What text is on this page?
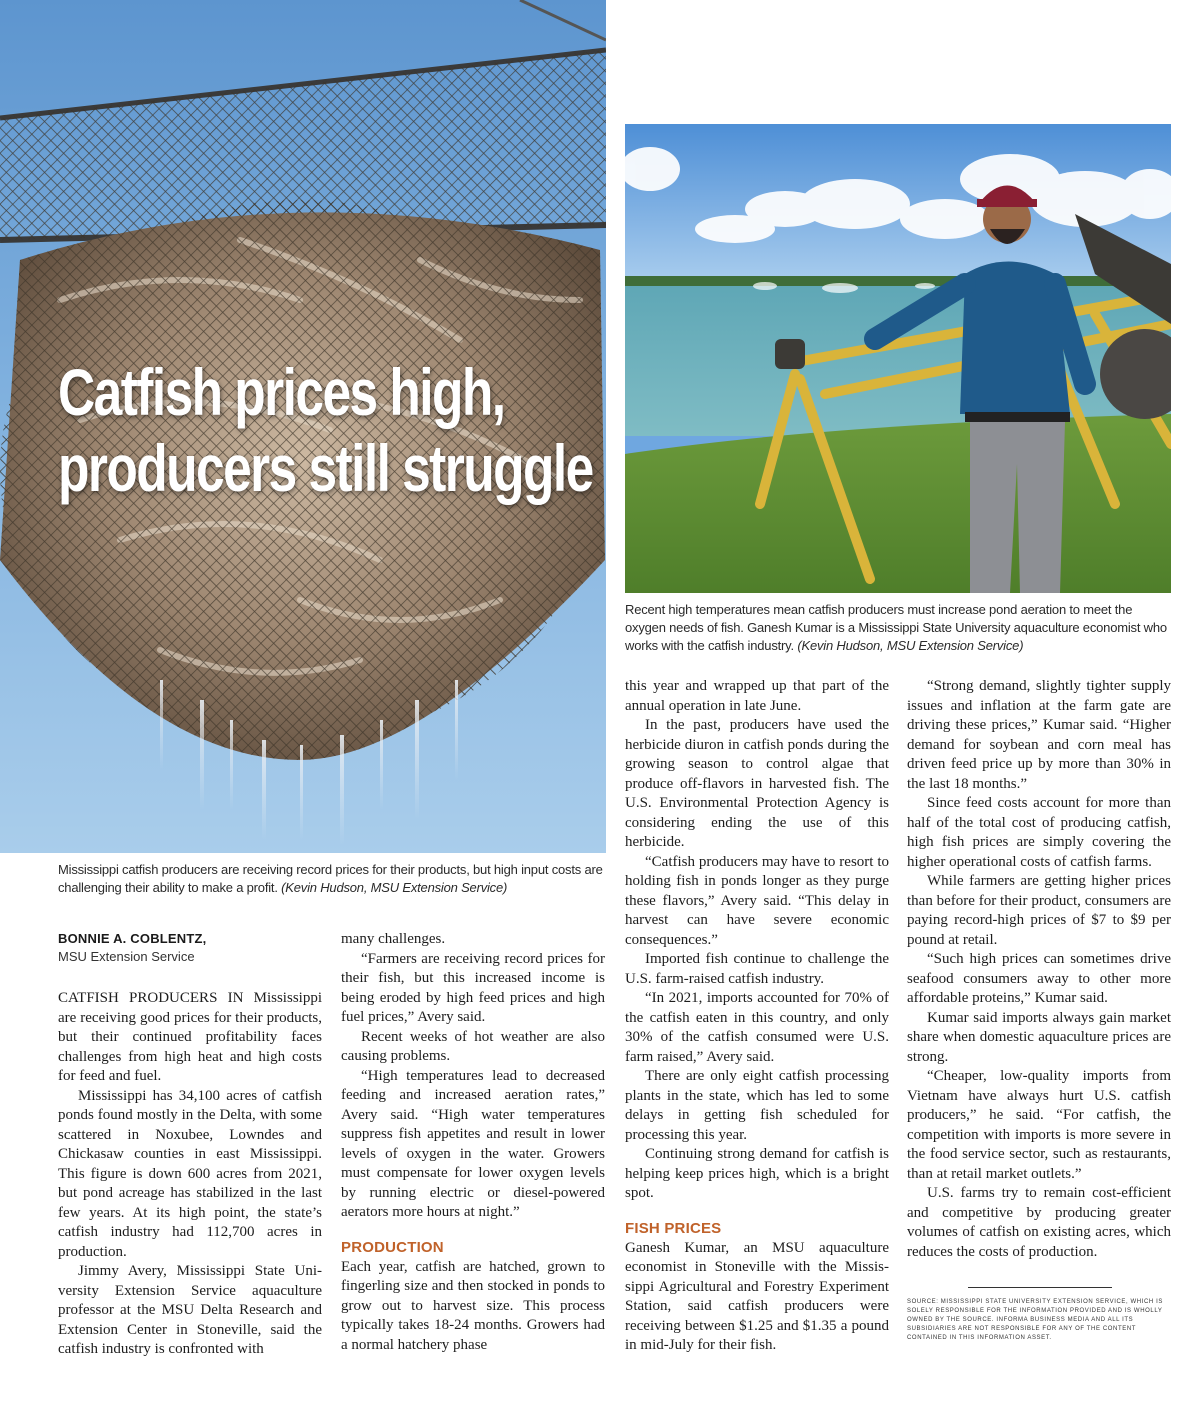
Catfish prices high,
producers still struggle
Mississippi catfish producers are receiving record prices for their products, but high input costs are challenging their ability to make a profit. (Kevin Hudson, MSU Extension Service)
Recent high temperatures mean catfish producers must increase pond aeration to meet the oxygen needs of fish. Ganesh Kumar is a Mississippi State University aquaculture economist who works with the catfish industry. (Kevin Hudson, MSU Extension Service)
BONNIE A. COBLENTZ,
MSU Extension Service

CATFISH PRODUCERS IN Mississippi are receiving good prices for their products, but their continued profitability faces challenges from high heat and high costs for feed and fuel.

Mississippi has 34,100 acres of catfish ponds found mostly in the Delta, with some scattered in Noxubee, Lowndes and Chickasaw counties in east Mississippi. This figure is down 600 acres from 2021, but pond acreage has stabilized in the last few years. At its high point, the state’s catfish industry had 112,700 acres in production.

Jimmy Avery, Mississippi State University Extension Service aquaculture professor at the MSU Delta Research and Extension Center in Stoneville, said the catfish industry is confronted with

many challenges.

“Farmers are receiving record prices for their fish, but this increased income is being eroded by high feed prices and high fuel prices,” Avery said.

Recent weeks of hot weather are also causing problems.

“High temperatures lead to decreased feeding and increased aeration rates,” Avery said. “High water temperatures suppress fish appetites and result in lower levels of oxygen in the water. Growers must compensate for lower oxygen levels by running electric or diesel-powered aerators more hours at night.”

PRODUCTION

Each year, catfish are hatched, grown to fingerling size and then stocked in ponds to grow out to harvest size. This process typically takes 18-24 months. Growers had a normal hatchery phase

this year and wrapped up that part of the annual operation in late June.

In the past, producers have used the herbicide diuron in catfish ponds during the growing season to control algae that produce off-flavors in harvested fish. The U.S. Environmental Protection Agency is considering ending the use of this herbicide.

“Catfish producers may have to resort to holding fish in ponds longer as they purge these flavors,” Avery said. “This delay in harvest can have severe economic consequences.”

Imported fish continue to challenge the U.S. farm-raised catfish industry.

“In 2021, imports accounted for 70% of the catfish eaten in this country, and only 30% of the catfish consumed were U.S. farm raised,” Avery said.

There are only eight catfish processing plants in the state, which has led to some delays in getting fish scheduled for processing this year.

Continuing strong demand for catfish is helping keep prices high, which is a bright spot.

FISH PRICES

Ganesh Kumar, an MSU aquaculture economist in Stoneville with the Mississippi Agricultural and Forestry Experiment Station, said catfish producers were receiving between $1.25 and $1.35 a pound in mid-July for their fish.

“Strong demand, slightly tighter supply issues and inflation at the farm gate are driving these prices,” Kumar said. “Higher demand for soybean and corn meal has driven feed price up by more than 30% in the last 18 months.”

Since feed costs account for more than half of the total cost of producing catfish, high fish prices are simply covering the higher operational costs of catfish farms.

While farmers are getting higher prices than before for their product, consumers are paying record-high prices of $7 to $9 per pound at retail.

“Such high prices can sometimes drive seafood consumers away to other more affordable proteins,” Kumar said.

Kumar said imports always gain market share when domestic aquaculture prices are strong.

“Cheaper, low-quality imports from Vietnam have always hurt U.S. catfish producers,” he said. “For catfish, the competition with imports is more severe in the food service sector, such as restaurants, than at retail market outlets.”

U.S. farms try to remain cost-efficient and competitive by producing greater volumes of catfish on existing acres, which reduces the costs of production.

SOURCE: MISSISSIPPI STATE UNIVERSITY EXTENSION SERVICE, WHICH IS SOLELY RESPONSIBLE FOR THE INFORMATION PROVIDED AND IS WHOLLY OWNED BY THE SOURCE. INFORMA BUSINESS MEDIA AND ALL ITS SUBSIDIARIES ARE NOT RESPONSIBLE FOR ANY OF THE CONTENT CONTAINED IN THIS INFORMATION ASSET.
